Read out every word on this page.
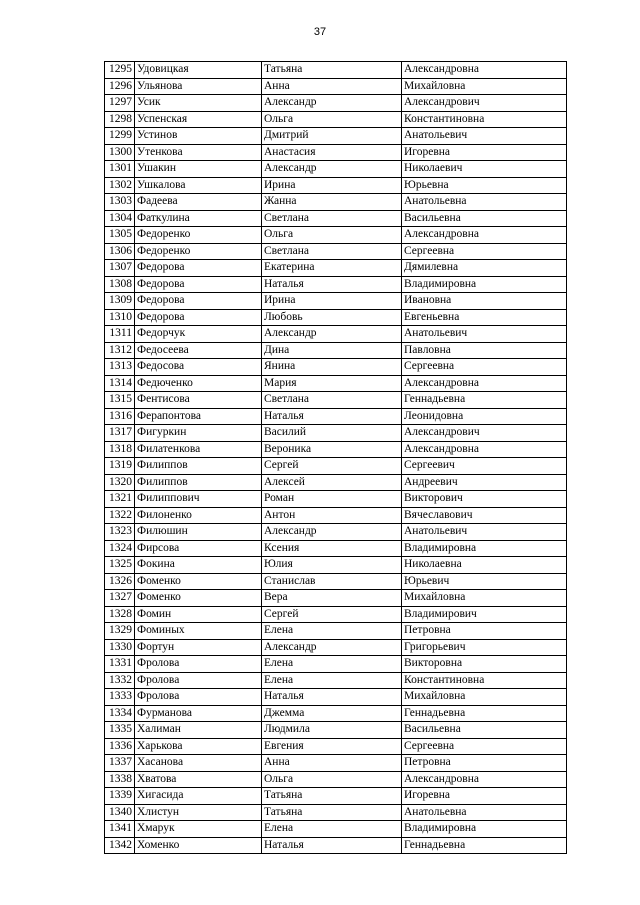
37
1295	Удовицкая	Татьяна	Александровна
1296	Ульянова	Анна	Михайловна
1297	Усик	Александр	Александрович
1298	Успенская	Ольга	Константиновна
1299	Устинов	Дмитрий	Анатольевич
1300	Утенкова	Анастасия	Игоревна
1301	Ушакин	Александр	Николаевич
1302	Ушкалова	Ирина	Юрьевна
1303	Фадеева	Жанна	Анатольевна
1304	Фаткулина	Светлана	Васильевна
1305	Федоренко	Ольга	Александровна
1306	Федоренко	Светлана	Сергеевна
1307	Федорова	Екатерина	Дямилевна
1308	Федорова	Наталья	Владимировна
1309	Федорова	Ирина	Ивановна
1310	Федорова	Любовь	Евгеньевна
1311	Федорчук	Александр	Анатольевич
1312	Федосеева	Дина	Павловна
1313	Федосова	Янина	Сергеевна
1314	Федюченко	Мария	Александровна
1315	Фентисова	Светлана	Геннадьевна
1316	Ферапонтова	Наталья	Леонидовна
1317	Фигуркин	Василий	Александрович
1318	Филатенкова	Вероника	Александровна
1319	Филиппов	Сергей	Сергеевич
1320	Филиппов	Алексей	Андреевич
1321	Филиппович	Роман	Викторович
1322	Филоненко	Антон	Вячеславович
1323	Филюшин	Александр	Анатольевич
1324	Фирсова	Ксения	Владимировна
1325	Фокина	Юлия	Николаевна
1326	Фоменко	Станислав	Юрьевич
1327	Фоменко	Вера	Михайловна
1328	Фомин	Сергей	Владимирович
1329	Фоминых	Елена	Петровна
1330	Фортун	Александр	Григорьевич
1331	Фролова	Елена	Викторовна
1332	Фролова	Елена	Константиновна
1333	Фролова	Наталья	Михайловна
1334	Фурманова	Джемма	Геннадьевна
1335	Халиман	Людмила	Васильевна
1336	Харькова	Евгения	Сергеевна
1337	Хасанова	Анна	Петровна
1338	Хватова	Ольга	Александровна
1339	Хигасида	Татьяна	Игоревна
1340	Хлистун	Татьяна	Анатольевна
1341	Хмарук	Елена	Владимировна
1342	Хоменко	Наталья	Геннадьевна
